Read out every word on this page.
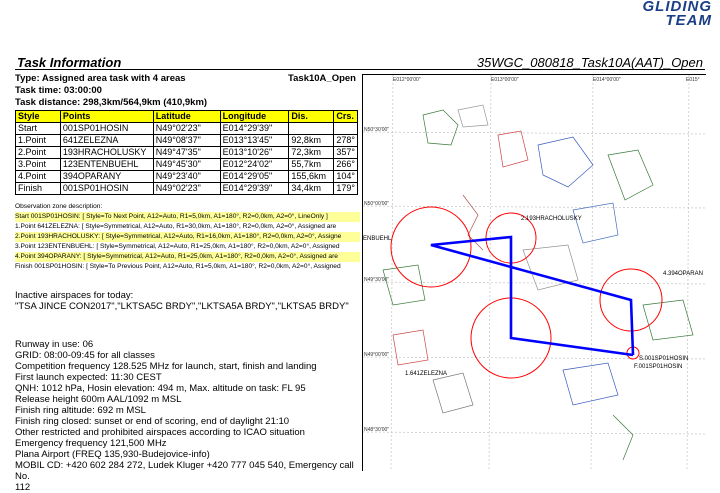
GLIDING
TEAM
Task Information	35WGC_080818_Task10A(AAT)_Open
Type: Assigned area task with 4 areas	Task10A_Open
Task time: 03:00:00
Task distance: 298,3km/564,9km (410,9km)
Style	Points	Latitude	Longitude	Dis.	Crs.
Start	001SP01HOSIN	N49°02'23"	E014°29'39"		
1.Point	641ZELEZNA	N49°08'37"	E013°13'45"	92,8km	278°
2.Point	193HRACHOLUSKY	N49°47'35"	E013°10'26"	72,3km	357°
3.Point	123ENTENBUEHL	N49°45'30"	E012°24'02"	55,7km	266°
4.Point	394OPARANY	N49°23'40"	E014°29'05"	155,6km	104°
Finish	001SP01HOSIN	N49°02'23"	E014°29'39"	34,4km	179°
Observation zone description:
Start 001SP01HOSIN: [ Style=To Next Point, A12=Auto, R1=5,0km, A1=180°, R2=0,0km, A2=0°, LineOnly ]
1.Point 641ZELEZNA: [ Style=Symmetrical, A12=Auto, R1=30,0km, A1=180°, R2=0,0km, A2=0°, Assigned are
2.Point 193HRACHOLUSKY: [ Style=Symmetrical, A12=Auto, R1=16,0km, A1=180°, R2=0,0km, A2=0°, Assigne
3.Point 123ENTENBUEHL: [ Style=Symmetrical, A12=Auto, R1=25,0km, A1=180°, R2=0,0km, A2=0°, Assigned
4.Point 394OPARANY: [ Style=Symmetrical, A12=Auto, R1=25,0km, A1=180°, R2=0,0km, A2=0°, Assigned are
Finish 001SP01HOSIN: [ Style=To Previous Point, A12=Auto, R1=5,0km, A1=180°, R2=0,0km, A2=0°, Assigned
Inactive airspaces for today:
"TSA JINCE CON2017","LKTSA5C BRDY","LKTSA5A BRDY","LKTSA5 BRDY"
Runway in use: 06
GRID: 08:00-09:45 for all classes
Competition frequency 128.525 MHz for launch, start, finish and landing
First launch expected: 11:30 CEST
QNH: 1012 hPa, Hosin elevation: 494 m, Max. altitude on task: FL 95
Release height 600m AAL/1092 m MSL
Finish ring altitude: 692 m MSL
Finish ring closed: sunset or end of scoring, end of daylight 21:10
Other restricted and prohibited airspaces according to ICAO situation
Emergency frequency 121,500 MHz
Plana Airport (FREQ 135,930-Budejovice-info)
MOBIL CD: +420 602 284 272, Ludek Kluger +420 777 045 540, Emergency call No.
112
E012°00'00"	E013°00'00"	E014°00'00"	E015°
N50°30'00"
N50°00'00"
N49°30'00"
N49°00'00"
N48°30'00"
2.193HRACHOLUSKY
ENBUEHL
4.394OPARAN
1.641ZELEZNA
S.001SP01HOSIN
F.001SP01HOSIN
